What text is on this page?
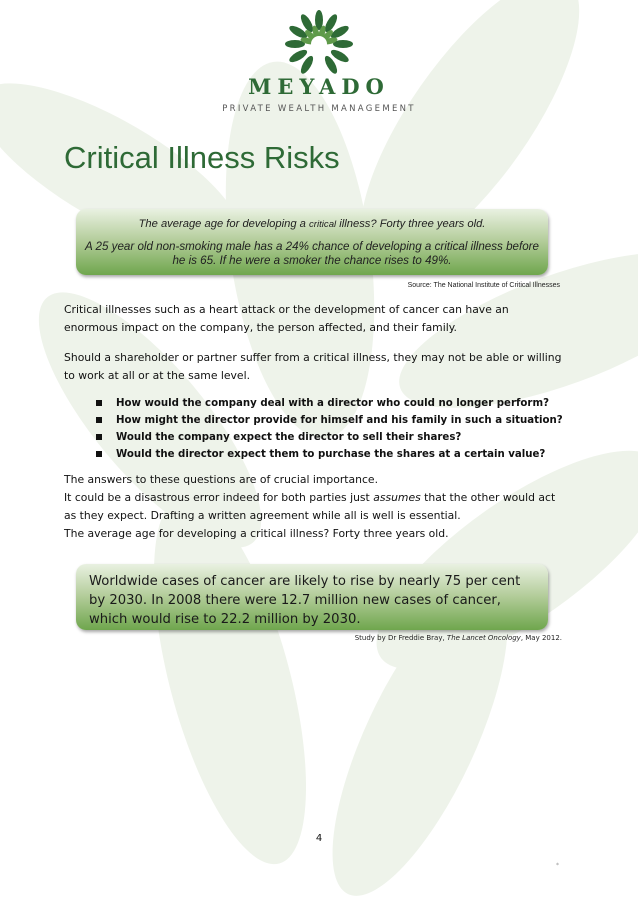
MEYADO
PRIVATE WEALTH MANAGEMENT
Critical Illness Risks
The average age for developing a critical illness? Forty three years old.
A 25 year old non-smoking male has a 24% chance of developing a critical illness before he is 65. If he were a smoker the chance rises to 49%.
Source: The National Institute of Critical Illnesses
Critical illnesses such as a heart attack or the development of cancer can have an enormous impact on the company, the person affected, and their family.
Should a shareholder or partner suffer from a critical illness, they may not be able or willing to work at all or at the same level.
How would the company deal with a director who could no longer perform?
How might the director provide for himself and his family in such a situation?
Would the company expect the director to sell their shares?
Would the director expect them to purchase the shares at a certain value?
The answers to these questions are of crucial importance.
It could be a disastrous error indeed for both parties just assumes that the other would act as they expect. Drafting a written agreement while all is well is essential.
The average age for developing a critical illness? Forty three years old.
Worldwide cases of cancer are likely to rise by nearly 75 per cent by 2030. In 2008 there were 12.7 million new cases of cancer, which would rise to 22.2 million by 2030.
Study by Dr Freddie Bray, The Lancet Oncology, May 2012.
4
*
